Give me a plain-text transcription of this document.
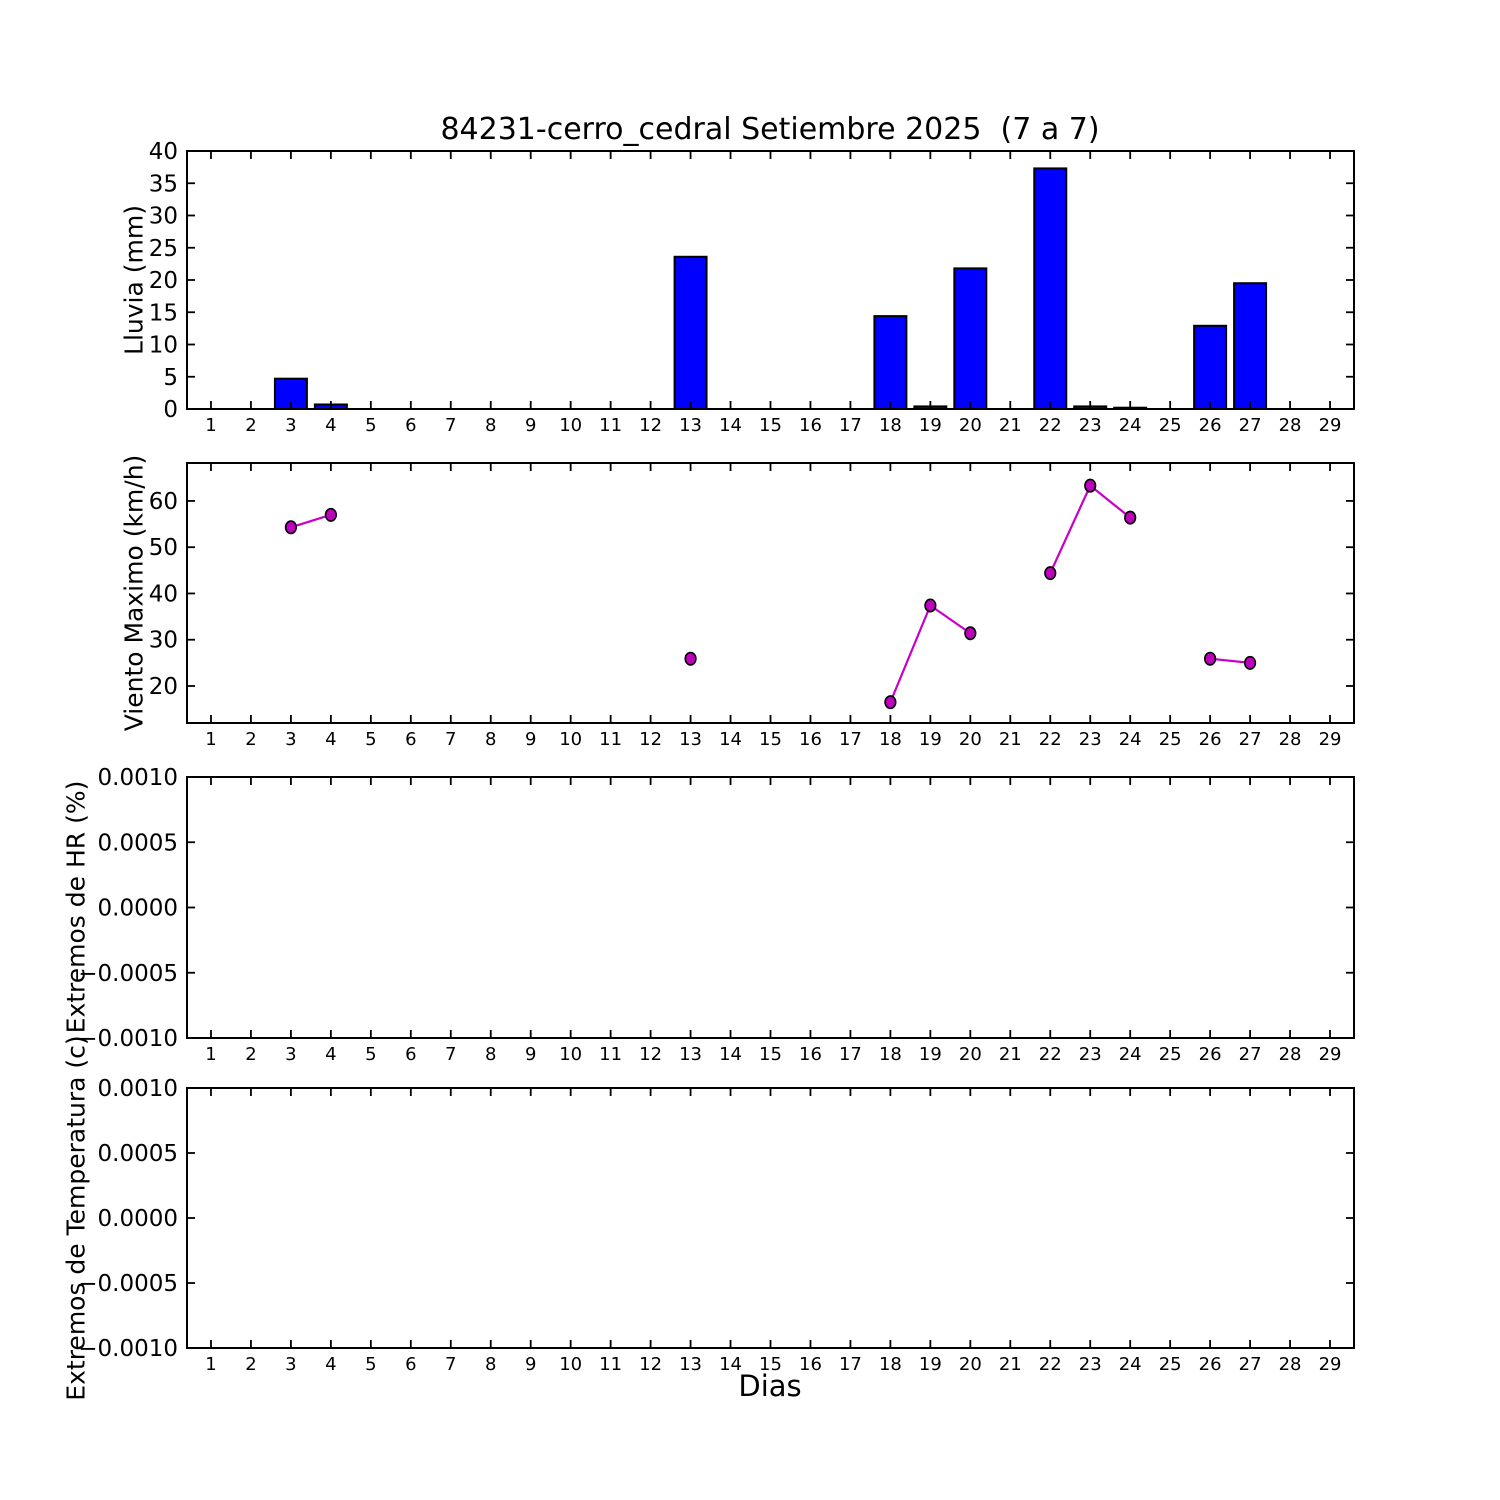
84231-cerro_cedral Setiembre 2025  (7 a 7)
Lluvia (mm)
Viento Maximo (km/h)
Extremos de HR (%)
Extremos de Temperatura (c)
1 2 3 4 5 6 7 8 9 10 11 12 13 14 15 16 17 18 19 20 21 22 23 24 25 26 27 28 29
0
5
10
15
20
25
30
35
40
1 2 3 4 5 6 7 8 9 10 11 12 13 14 15 16 17 18 19 20 21 22 23 24 25 26 27 28 29
20
30
40
50
60
1 2 3 4 5 6 7 8 9 10 11 12 13 14 15 16 17 18 19 20 21 22 23 24 25 26 27 28 29
0.0010
0.0005
0.0000
−0.0005
−0.0010
1 2 3 4 5 6 7 8 9 10 11 12 13 14 15 16 17 18 19 20 21 22 23 24 25 26 27 28 29
0.0010
0.0005
0.0000
−0.0005
−0.0010
Dias
